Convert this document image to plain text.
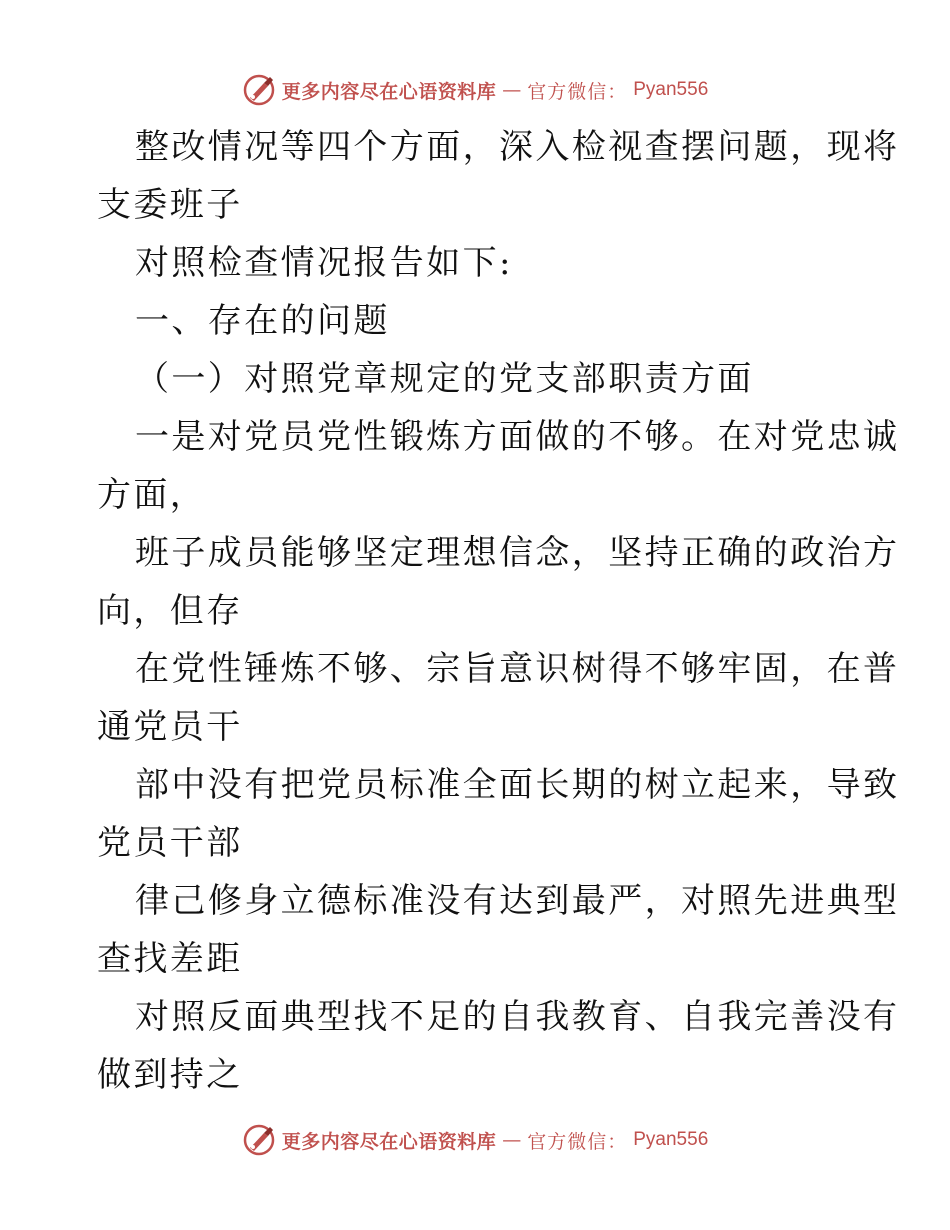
更多内容尽在心语资料库 — 官方微信： Pyan556

整改情况等四个方面，深入检视查摆问题，现将

支委班子

对照检查情况报告如下:

一、存在的问题

（一）对照党章规定的党支部职责方面

一是对党员党性锻炼方面做的不够。在对党忠诚

方面，

班子成员能够坚定理想信念，坚持正确的政治方

向，但存

在党性锤炼不够、宗旨意识树得不够牢固，在普

通党员干

部中没有把党员标准全面长期的树立起来，导致

党员干部

律己修身立德标准没有达到最严，对照先进典型

查找差距

对照反面典型找不足的自我教育、自我完善没有

做到持之

更多内容尽在心语资料库 — 官方微信： Pyan556
